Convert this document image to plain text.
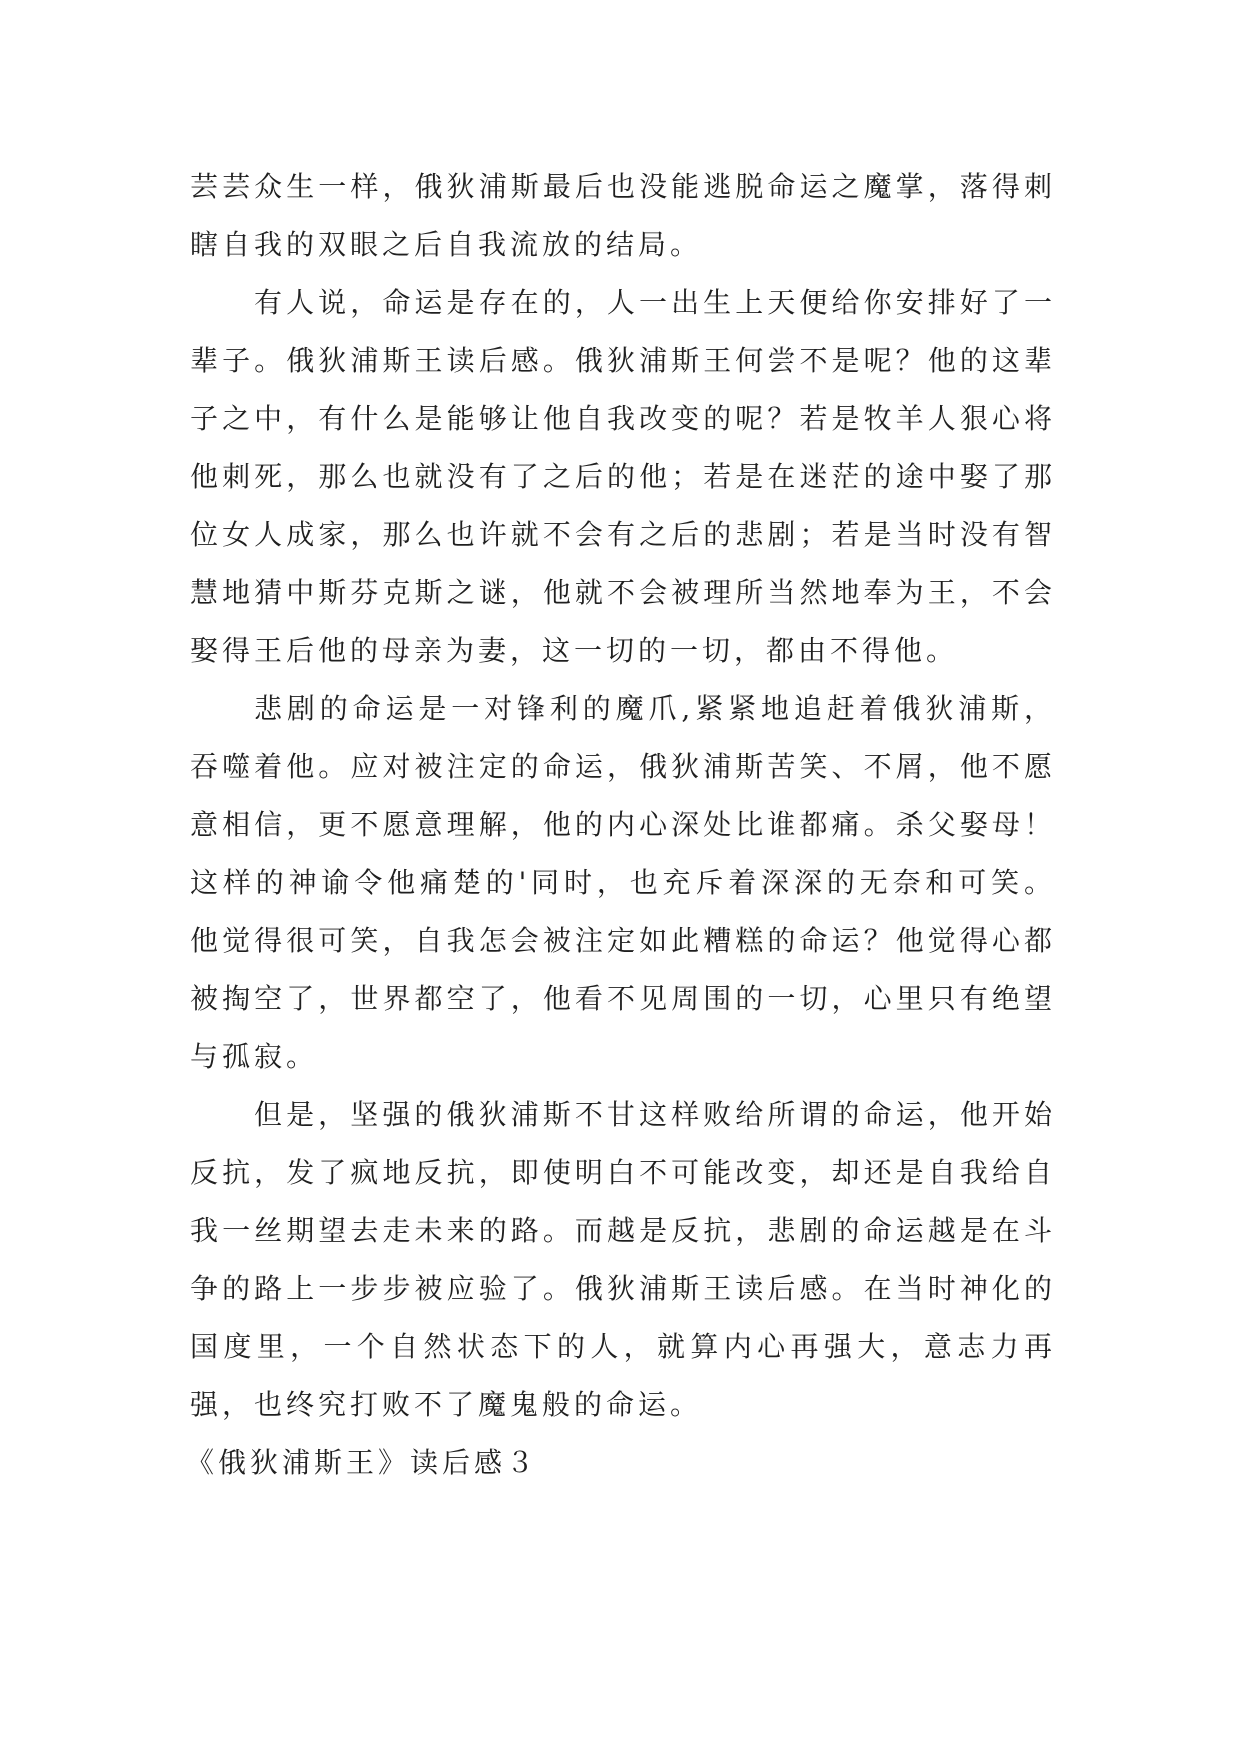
芸芸众生一样，俄狄浦斯最后也没能逃脱命运之魔掌，落得刺瞎自我的双眼之后自我流放的结局。

有人说，命运是存在的，人一出生上天便给你安排好了一辈子。俄狄浦斯王读后感。俄狄浦斯王何尝不是呢？他的这辈子之中，有什么是能够让他自我改变的呢？若是牧羊人狠心将他刺死，那么也就没有了之后的他；若是在迷茫的途中娶了那位女人成家，那么也许就不会有之后的悲剧；若是当时没有智慧地猜中斯芬克斯之谜，他就不会被理所当然地奉为王，不会娶得王后他的母亲为妻，这一切的一切，都由不得他。

悲剧的命运是一对锋利的魔爪,紧紧地追赶着俄狄浦斯，吞噬着他。应对被注定的命运，俄狄浦斯苦笑、不屑，他不愿意相信，更不愿意理解，他的内心深处比谁都痛。杀父娶母！这样的神谕令他痛楚的'同时，也充斥着深深的无奈和可笑。他觉得很可笑，自我怎会被注定如此糟糕的命运？他觉得心都被掏空了，世界都空了，他看不见周围的一切，心里只有绝望与孤寂。

但是，坚强的俄狄浦斯不甘这样败给所谓的命运，他开始反抗，发了疯地反抗，即使明白不可能改变，却还是自我给自我一丝期望去走未来的路。而越是反抗，悲剧的命运越是在斗争的路上一步步被应验了。俄狄浦斯王读后感。在当时神化的国度里，一个自然状态下的人，就算内心再强大，意志力再强，也终究打败不了魔鬼般的命运。

《俄狄浦斯王》读后感３
